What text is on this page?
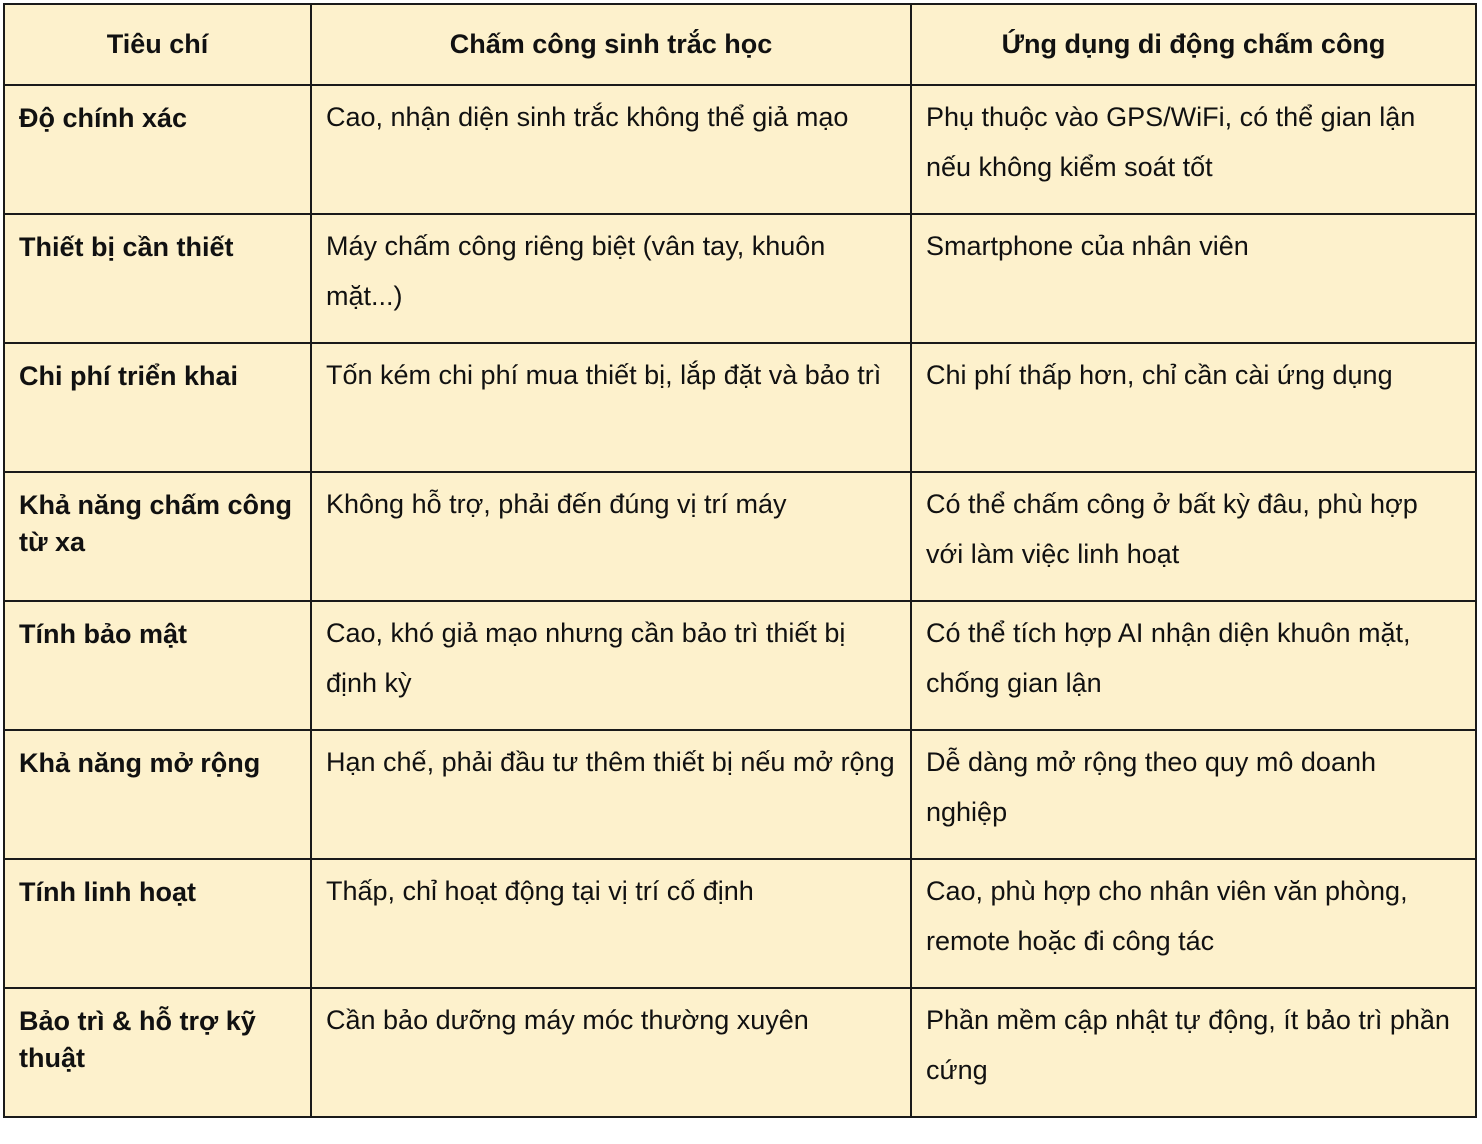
Tiêu chí	Chấm công sinh trắc học	Ứng dụng di động chấm công
Độ chính xác	Cao, nhận diện sinh trắc không thể giả mạo	Phụ thuộc vào GPS/WiFi, có thể gian lận nếu không kiểm soát tốt
Thiết bị cần thiết	Máy chấm công riêng biệt (vân tay, khuôn mặt...)	Smartphone của nhân viên
Chi phí triển khai	Tốn kém chi phí mua thiết bị, lắp đặt và bảo trì	Chi phí thấp hơn, chỉ cần cài ứng dụng
Khả năng chấm công từ xa	Không hỗ trợ, phải đến đúng vị trí máy	Có thể chấm công ở bất kỳ đâu, phù hợp với làm việc linh hoạt
Tính bảo mật	Cao, khó giả mạo nhưng cần bảo trì thiết bị định kỳ	Có thể tích hợp AI nhận diện khuôn mặt, chống gian lận
Khả năng mở rộng	Hạn chế, phải đầu tư thêm thiết bị nếu mở rộng	Dễ dàng mở rộng theo quy mô doanh nghiệp
Tính linh hoạt	Thấp, chỉ hoạt động tại vị trí cố định	Cao, phù hợp cho nhân viên văn phòng, remote hoặc đi công tác
Bảo trì & hỗ trợ kỹ thuật	Cần bảo dưỡng máy móc thường xuyên	Phần mềm cập nhật tự động, ít bảo trì phần cứng
